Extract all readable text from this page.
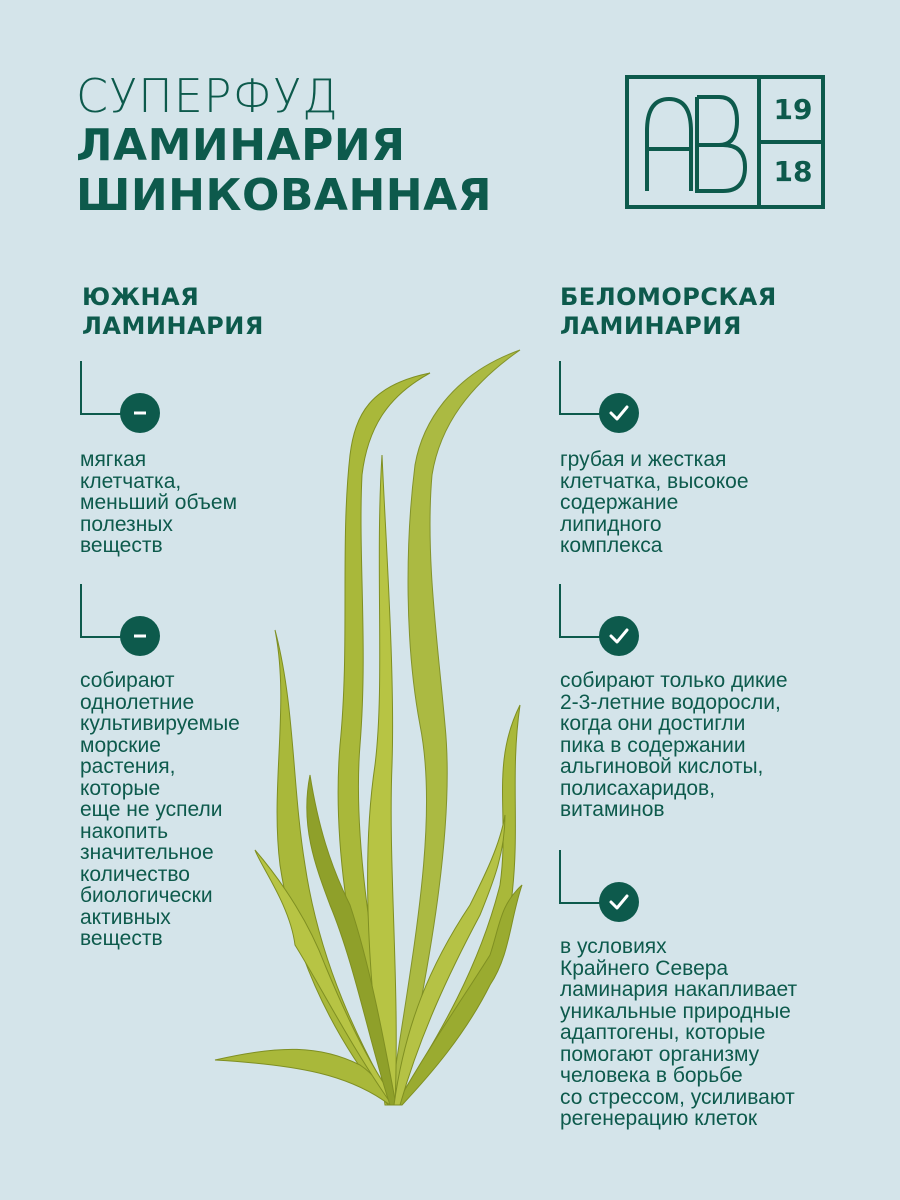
СУПЕРФУД
ЛАМИНАРИЯ
ШИНКОВАННАЯ
19
18
ЮЖНАЯ
ЛАМИНАРИЯ
БЕЛОМОРСКАЯ
ЛАМИНАРИЯ
мягкая
клетчатка,
меньший объем
полезных
веществ
собирают
однолетние
культивируемые
морские
растения,
которые
еще не успели
накопить
значительное
количество
биологически
активных
веществ
грубая и жесткая
клетчатка, высокое
содержание
липидного
комплекса
собирают только дикие
2-3-летние водоросли,
когда они достигли
пика в содержании
альгиновой кислоты,
полисахаридов,
витаминов
в условиях
Крайнего Севера
ламинария накапливает
уникальные природные
адаптогены, которые
помогают организму
человека в борьбе
со стрессом, усиливают
регенерацию клеток
